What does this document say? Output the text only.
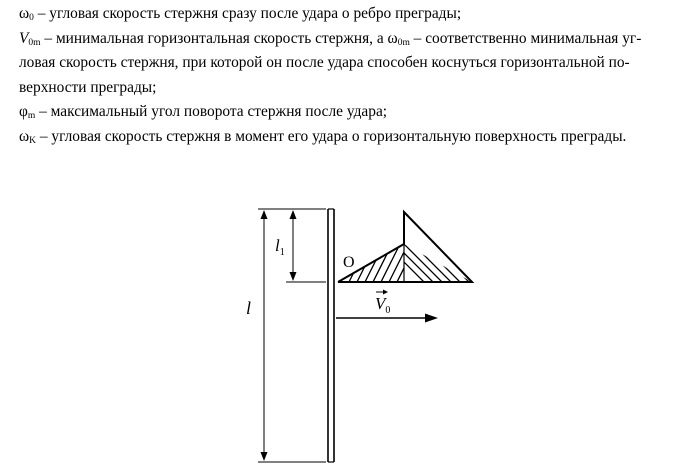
$\omega_0$ – угловая скорость стержня сразу после удара о ребро преграды;

$V_{0m}$ – минимальная горизонтальная скорость стержня, а $\omega_{0m}$ – соответственно минимальная уг-

ловая скорость стержня, при которой он после удара способен коснуться горизонтальной по-

верхности преграды;

$\varphi_m$ – максимальный угол поворота стержня после удара;

$\omega_K$ – угловая скорость стержня в момент его удара о горизонтальную поверхность преграды.

$l_1$
l
O
$V_0$
